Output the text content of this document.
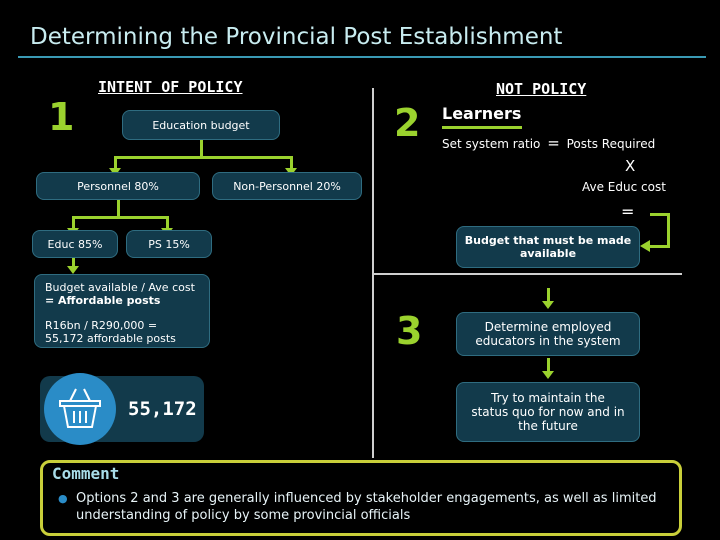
Determining the Provincial Post Establishment
INTENT OF POLICY	NOT POLICY
1	2
3
Education budget
Personnel 80%	Non-Personnel 20%
Educ 85%	PS 15%
Budget available / Ave cost
= Affordable posts
R16bn / R290,000 =
55,172 affordable posts
55,172
Learners
Set system ratio = Posts Required
X
Ave Educ cost
=
Budget that must be made available
Determine employed educators in the system
Try to maintain the status quo for now and in the future
Comment
● Options 2 and 3 are generally influenced by stakeholder engagements, as well as limited understanding of policy by some provincial officials
